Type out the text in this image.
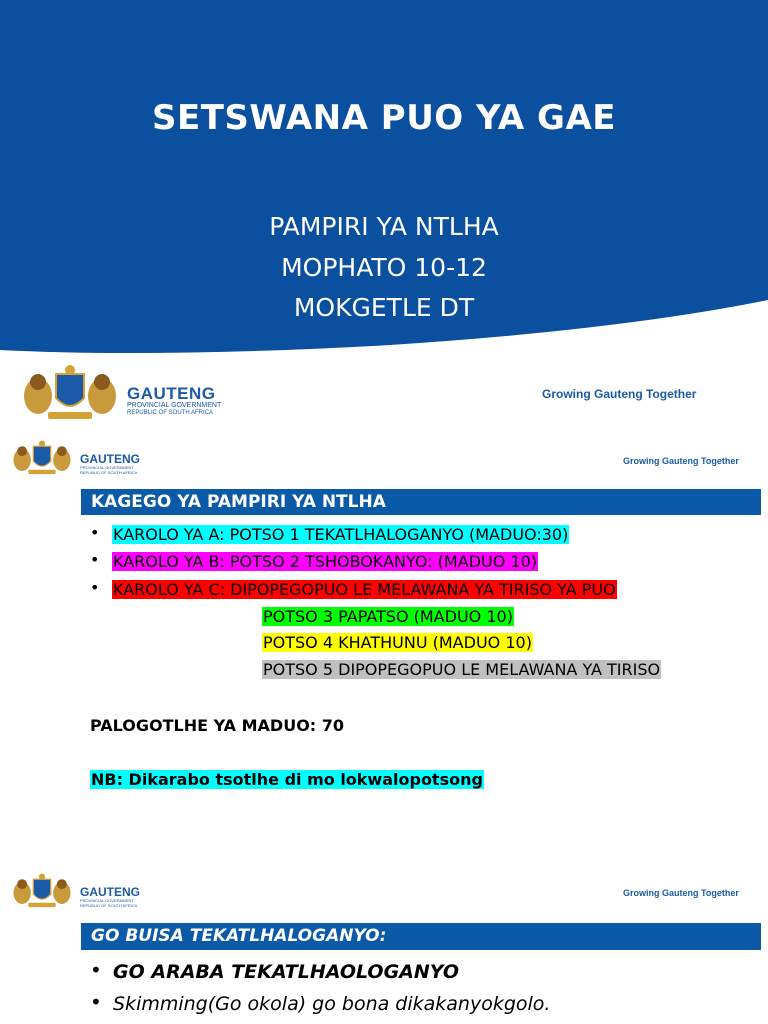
SETSWANA PUO YA GAE
PAMPIRI YA NTLHA
MOPHATO 10-12
MOKGETLE DT
GAUTENG
PROVINCIAL GOVERNMENT
REPUBLIC OF SOUTH AFRICA
Growing Gauteng Together
GAUTENG
PROVINCIAL GOVERNMENT
REPUBLIC OF SOUTH AFRICA
Growing Gauteng Together
KAGEGO YA PAMPIRI YA NTLHA
• KAROLO YA A: POTSO 1 TEKATLHALOGANYO (MADUO:30)
• KAROLO YA B: POTSO 2 TSHOBOKANYO: (MADUO 10)
• KAROLO YA C: DIPOPEGOPUO LE MELAWANA YA TIRISO YA PUO
POTSO 3 PAPATSO (MADUO 10)
POTSO 4 KHATHUNU (MADUO 10)
POTSO 5 DIPOPEGOPUO LE MELAWANA YA TIRISO
PALOGOTLHE YA MADUO: 70
NB: Dikarabo tsotlhe di mo lokwalopotsong
GAUTENG
PROVINCIAL GOVERNMENT
REPUBLIC OF SOUTH AFRICA
Growing Gauteng Together
GO BUISA TEKATLHALOGANYO:
• GO ARABA TEKATLHAOLOGANYO
• Skimming(Go okola) go bona dikakanyokgolo.
